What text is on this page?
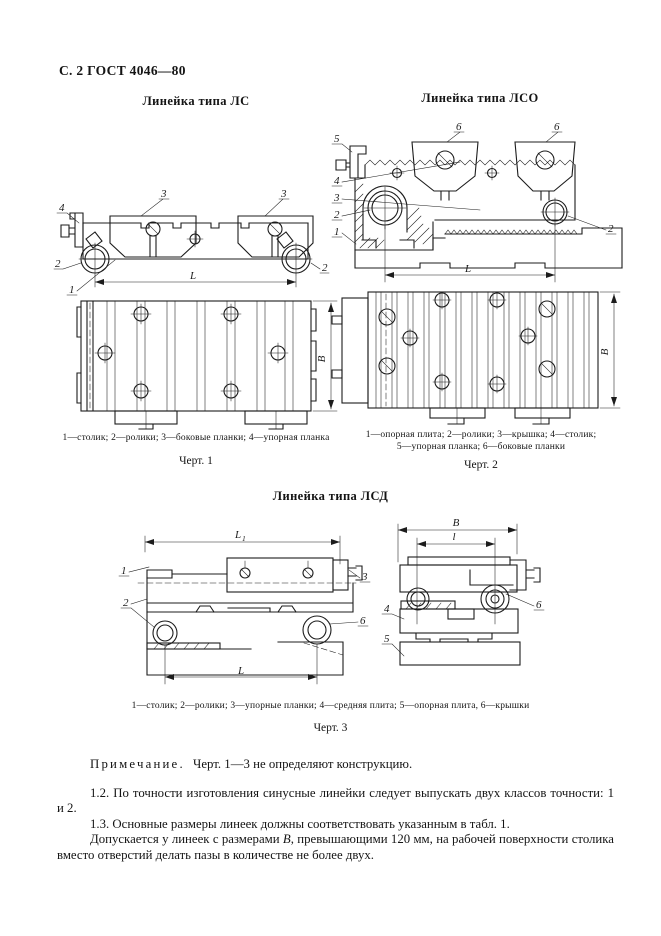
С. 2 ГОСТ 4046—80
Линейка типа ЛС	Линейка типа ЛСО
L
4
3	3
2	2
1
В
5
4
3
2
1
6	6
2
L
В
1—столик; 2—ролики; 3—боковые планки; 4—упорная планка
Черт. 1
1—опорная плита; 2—ролики; 3—крышка; 4—столик;
5—упорная планка; 6—боковые планки
Черт. 2
Линейка типа ЛСД
L 1
1
2
3
6
L
В
l
4
5
6
1—столик; 2—ролики; 3—упорные планки; 4—средняя плита; 5—опорная плита, 6—крышки
Черт. 3

Примечание. Черт. 1—3 не определяют конструкцию.

1.2. По точности изготовления синусные линейки следует выпускать двух классов точности: 1 и 2.

1.3. Основные размеры линеек должны соответствовать указанным в табл. 1.

Допускается у линеек с размерами В, превышающими 120 мм, на рабочей поверхности столика вместо отверстий делать пазы в количестве не более двух.
